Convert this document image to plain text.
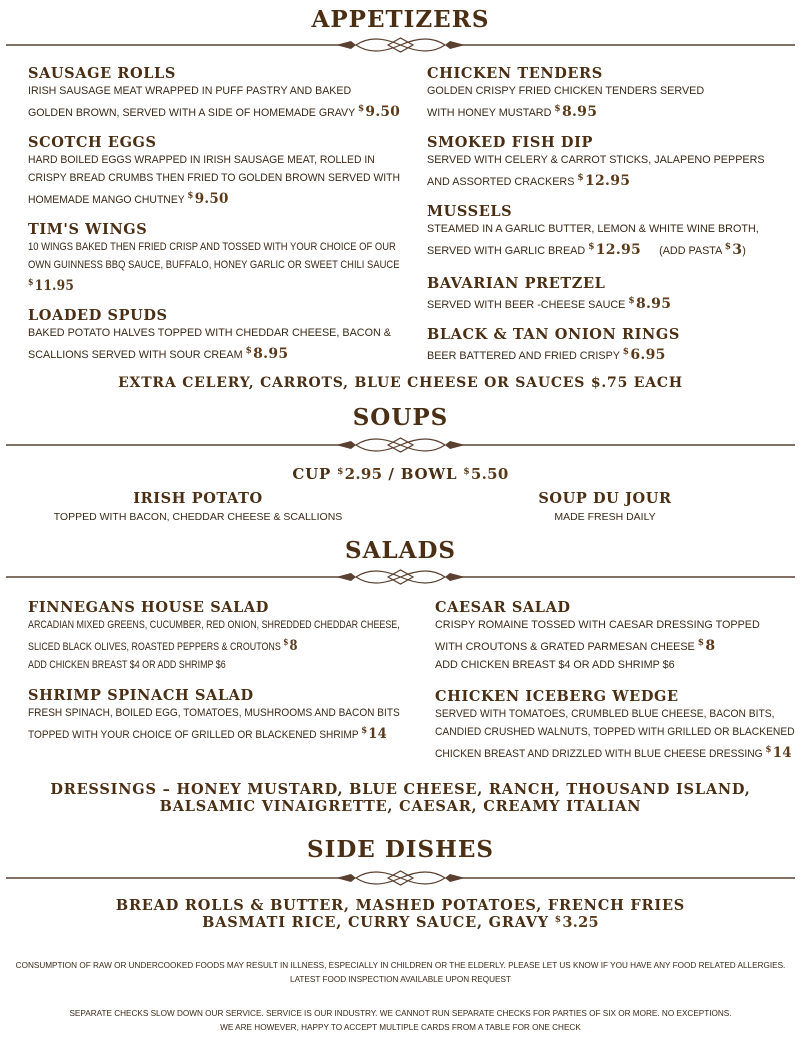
APPETIZERS
SAUSAGE ROLLS
IRISH SAUSAGE MEAT WRAPPED IN PUFF PASTRY AND BAKED
GOLDEN BROWN, SERVED WITH A SIDE OF HOMEMADE GRAVY $9.50
SCOTCH EGGS
HARD BOILED EGGS WRAPPED IN IRISH SAUSAGE MEAT, ROLLED IN
CRISPY BREAD CRUMBS THEN FRIED TO GOLDEN BROWN SERVED WITH
HOMEMADE MANGO CHUTNEY $9.50
TIM'S WINGS
10 WINGS BAKED THEN FRIED CRISP AND TOSSED WITH YOUR CHOICE OF OUR
OWN GUINNESS BBQ SAUCE, BUFFALO, HONEY GARLIC OR SWEET CHILI SAUCE
$11.95
LOADED SPUDS
BAKED POTATO HALVES TOPPED WITH CHEDDAR CHEESE, BACON &
SCALLIONS SERVED WITH SOUR CREAM $8.95
CHICKEN TENDERS
GOLDEN CRISPY FRIED CHICKEN TENDERS SERVED
WITH HONEY MUSTARD $8.95
SMOKED FISH DIP
SERVED WITH CELERY & CARROT STICKS, JALAPENO PEPPERS
AND ASSORTED CRACKERS $12.95
MUSSELS
STEAMED IN A GARLIC BUTTER, LEMON & WHITE WINE BROTH,
SERVED WITH GARLIC BREAD $12.95 (ADD PASTA $3)
BAVARIAN PRETZEL
SERVED WITH BEER -CHEESE SAUCE $8.95
BLACK & TAN ONION RINGS
BEER BATTERED AND FRIED CRISPY $6.95
EXTRA CELERY, CARROTS, BLUE CHEESE OR SAUCES $.75 EACH
SOUPS
CUP $2.95 / BOWL $5.50
IRISH POTATO
TOPPED WITH BACON, CHEDDAR CHEESE & SCALLIONS
SOUP DU JOUR
MADE FRESH DAILY
SALADS
FINNEGANS HOUSE SALAD
ARCADIAN MIXED GREENS, CUCUMBER, RED ONION, SHREDDED CHEDDAR CHEESE,
SLICED BLACK OLIVES, ROASTED PEPPERS & CROUTONS $8
ADD CHICKEN BREAST $4 OR ADD SHRIMP $6
SHRIMP SPINACH SALAD
FRESH SPINACH, BOILED EGG, TOMATOES, MUSHROOMS AND BACON BITS
TOPPED WITH YOUR CHOICE OF GRILLED OR BLACKENED SHRIMP $14
CAESAR SALAD
CRISPY ROMAINE TOSSED WITH CAESAR DRESSING TOPPED
WITH CROUTONS & GRATED PARMESAN CHEESE $8
ADD CHICKEN BREAST $4 OR ADD SHRIMP $6
CHICKEN ICEBERG WEDGE
SERVED WITH TOMATOES, CRUMBLED BLUE CHEESE, BACON BITS,
CANDIED CRUSHED WALNUTS, TOPPED WITH GRILLED OR BLACKENED
CHICKEN BREAST AND DRIZZLED WITH BLUE CHEESE DRESSING $14
DRESSINGS – HONEY MUSTARD, BLUE CHEESE, RANCH, THOUSAND ISLAND,
BALSAMIC VINAIGRETTE, CAESAR, CREAMY ITALIAN
SIDE DISHES
BREAD ROLLS & BUTTER, MASHED POTATOES, FRENCH FRIES
BASMATI RICE, CURRY SAUCE, GRAVY $3.25
CONSUMPTION OF RAW OR UNDERCOOKED FOODS MAY RESULT IN ILLNESS, ESPECIALLY IN CHILDREN OR THE ELDERLY. PLEASE LET US KNOW IF YOU HAVE ANY FOOD RELATED ALLERGIES.
LATEST FOOD INSPECTION AVAILABLE UPON REQUEST
SEPARATE CHECKS SLOW DOWN OUR SERVICE. SERVICE IS OUR INDUSTRY. WE CANNOT RUN SEPARATE CHECKS FOR PARTIES OF SIX OR MORE. NO EXCEPTIONS.
WE ARE HOWEVER, HAPPY TO ACCEPT MULTIPLE CARDS FROM A TABLE FOR ONE CHECK
